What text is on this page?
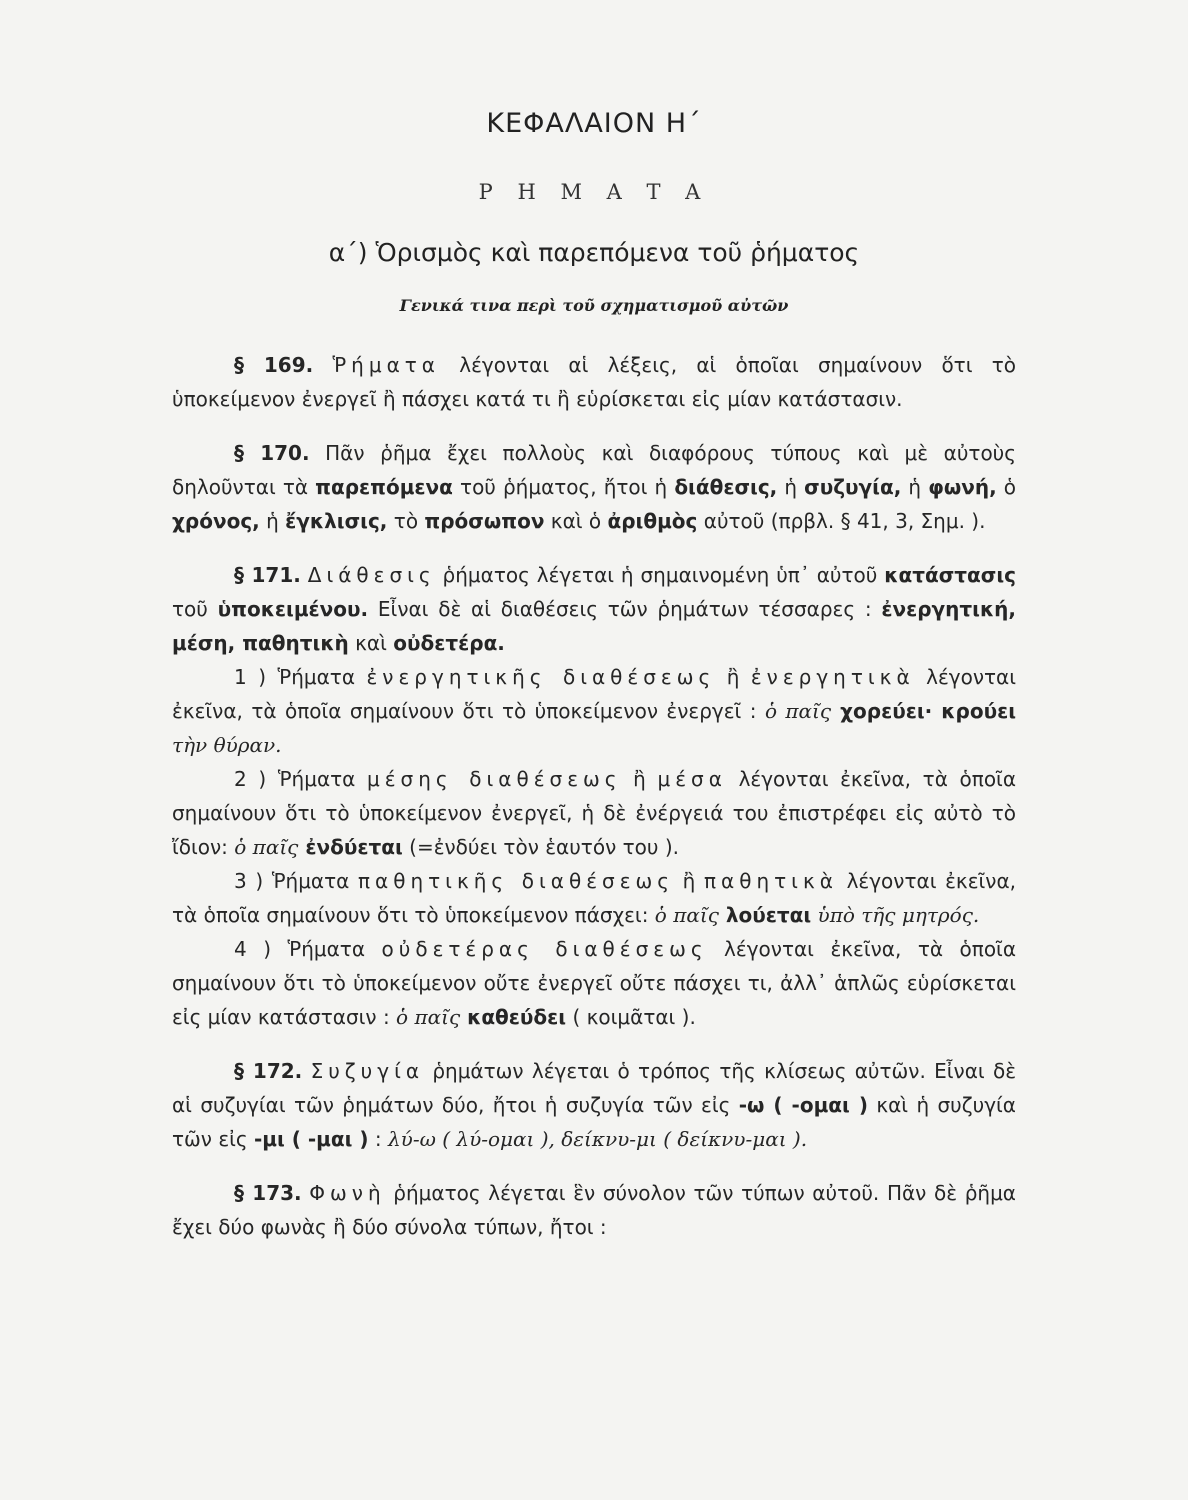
ΚΕΦΑΛΑΙΟΝ Η΄
Ρ Η Μ Α Τ Α
α΄) Ὁρισμὸς καὶ παρεπόμενα τοῦ ῥήματος
Γενικά τινα περὶ τοῦ σχηματισμοῦ αὐτῶν

§ 169. Ῥήματα λέγονται αἱ λέξεις, αἱ ὁποῖαι σημαίνουν ὅτι τὸ ὑποκείμενον ἐνεργεῖ ἢ πάσχει κατά τι ἢ εὑρίσκεται εἰς μίαν κατάστασιν.

§ 170. Πᾶν ῥῆμα ἔχει πολλοὺς καὶ διαφόρους τύπους καὶ μὲ αὐτοὺς δηλοῦνται τὰ παρεπόμενα τοῦ ῥήματος, ἤτοι ἡ διάθεσις, ἡ συζυγία, ἡ φωνή, ὁ χρόνος, ἡ ἔγκλισις, τὸ πρόσωπον καὶ ὁ ἀριθμὸς αὐτοῦ (πρβλ. § 41, 3, Σημ. ).

§ 171. Διάθεσις ῥήματος λέγεται ἡ σημαινομένη ὑπ᾽ αὐτοῦ κατάστασις τοῦ ὑποκειμένου. Εἶναι δὲ αἱ διαθέσεις τῶν ῥημάτων τέσσαρες : ἐνεργητική, μέση, παθητικὴ καὶ οὐδετέρα.

1 ) Ῥήματα ἐνεργητικῆς διαθέσεως ἢ ἐνεργητικὰ λέγονται ἐκεῖνα, τὰ ὁποῖα σημαίνουν ὅτι τὸ ὑποκείμενον ἐνεργεῖ : ὁ παῖς χορεύει· κρούει τὴν θύραν.

2 ) Ῥήματα μέσης διαθέσεως ἢ μέσα λέγονται ἐκεῖνα, τὰ ὁποῖα σημαίνουν ὅτι τὸ ὑποκείμενον ἐνεργεῖ, ἡ δὲ ἐνέργειά του ἐπιστρέφει εἰς αὐτὸ τὸ ἴδιον: ὁ παῖς ἐνδύεται (=ἐνδύει τὸν ἑαυτόν του ).

3 ) Ῥήματα παθητικῆς διαθέσεως ἢ παθητικὰ λέγονται ἐκεῖνα, τὰ ὁποῖα σημαίνουν ὅτι τὸ ὑποκείμενον πάσχει: ὁ παῖς λούεται ὑπὸ τῆς μητρός.

4 ) Ῥήματα οὐδετέρας διαθέσεως λέγονται ἐκεῖνα, τὰ ὁποῖα σημαίνουν ὅτι τὸ ὑποκείμενον οὔτε ἐνεργεῖ οὔτε πάσχει τι, ἀλλ᾽ ἁπλῶς εὑρίσκεται εἰς μίαν κατάστασιν : ὁ παῖς καθεύδει ( κοιμᾶται ).

§ 172. Συζυγία ῥημάτων λέγεται ὁ τρόπος τῆς κλίσεως αὐτῶν. Εἶναι δὲ αἱ συζυγίαι τῶν ῥημάτων δύο, ἤτοι ἡ συζυγία τῶν εἰς -ω ( -ομαι ) καὶ ἡ συζυγία τῶν εἰς -μι ( -μαι ) : λύ-ω ( λύ-ομαι ), δείκνυ-μι ( δείκνυ-μαι ).

§ 173. Φωνὴ ῥήματος λέγεται ἓν σύνολον τῶν τύπων αὐτοῦ. Πᾶν δὲ ῥῆμα ἔχει δύο φωνὰς ἢ δύο σύνολα τύπων, ἤτοι :
